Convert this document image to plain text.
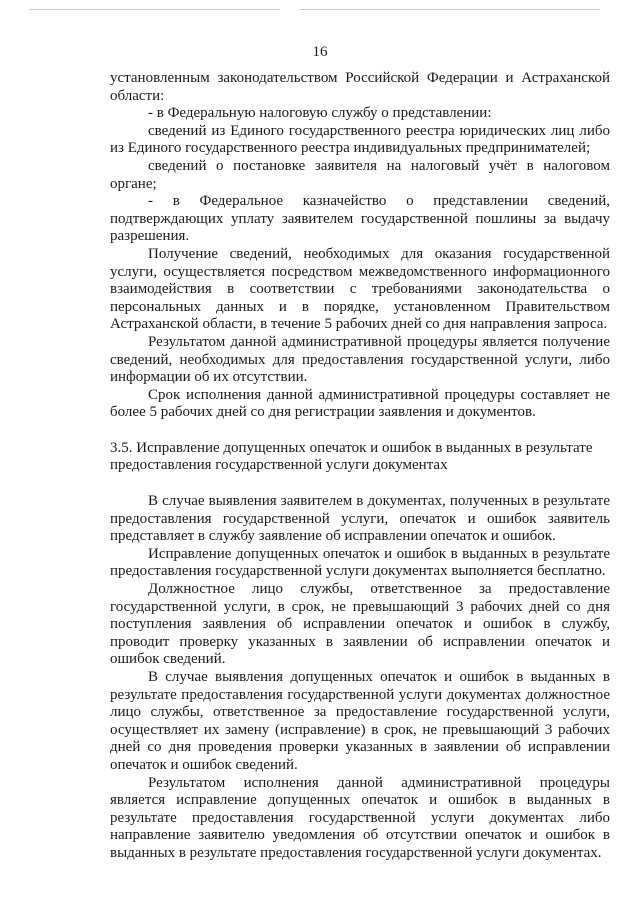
16

установленным законодательством Российской Федерации и Астраханской области:

- в Федеральную налоговую службу о представлении:

сведений из Единого государственного реестра юридических лиц либо из Единого государственного реестра индивидуальных предпринимателей;

сведений о постановке заявителя на налоговый учёт в налоговом органе;

- в Федеральное казначейство о представлении сведений, подтверждающих уплату заявителем государственной пошлины за выдачу разрешения.

Получение сведений, необходимых для оказания государственной услуги, осуществляется посредством межведомственного информационного взаимодействия в соответствии с требованиями законодательства о персональных данных и в порядке, установленном Правительством Астраханской области, в течение 5 рабочих дней со дня направления запроса.

Результатом данной административной процедуры является получение сведений, необходимых для предоставления государственной услуги, либо информации об их отсутствии.

Срок исполнения данной административной процедуры составляет не более 5 рабочих дней со дня регистрации заявления и документов.

3.5. Исправление допущенных опечаток и ошибок в выданных в результате

предоставления государственной услуги документах

В случае выявления заявителем в документах, полученных в результате предоставления государственной услуги, опечаток и ошибок заявитель представляет в службу заявление об исправлении опечаток и ошибок.

Исправление допущенных опечаток и ошибок в выданных в результате предоставления государственной услуги документах выполняется бесплатно.

Должностное лицо службы, ответственное за предоставление государственной услуги, в срок, не превышающий 3 рабочих дней со дня поступления заявления об исправлении опечаток и ошибок в службу, проводит проверку указанных в заявлении об исправлении опечаток и ошибок сведений.

В случае выявления допущенных опечаток и ошибок в выданных в результате предоставления государственной услуги документах должностное лицо службы, ответственное за предоставление государственной услуги, осуществляет их замену (исправление) в срок, не превышающий 3 рабочих дней со дня проведения проверки указанных в заявлении об исправлении опечаток и ошибок сведений.

Результатом исполнения данной административной процедуры является исправление допущенных опечаток и ошибок в выданных в результате предоставления государственной услуги документах либо направление заявителю уведомления об отсутствии опечаток и ошибок в выданных в результате предоставления государственной услуги документах.
